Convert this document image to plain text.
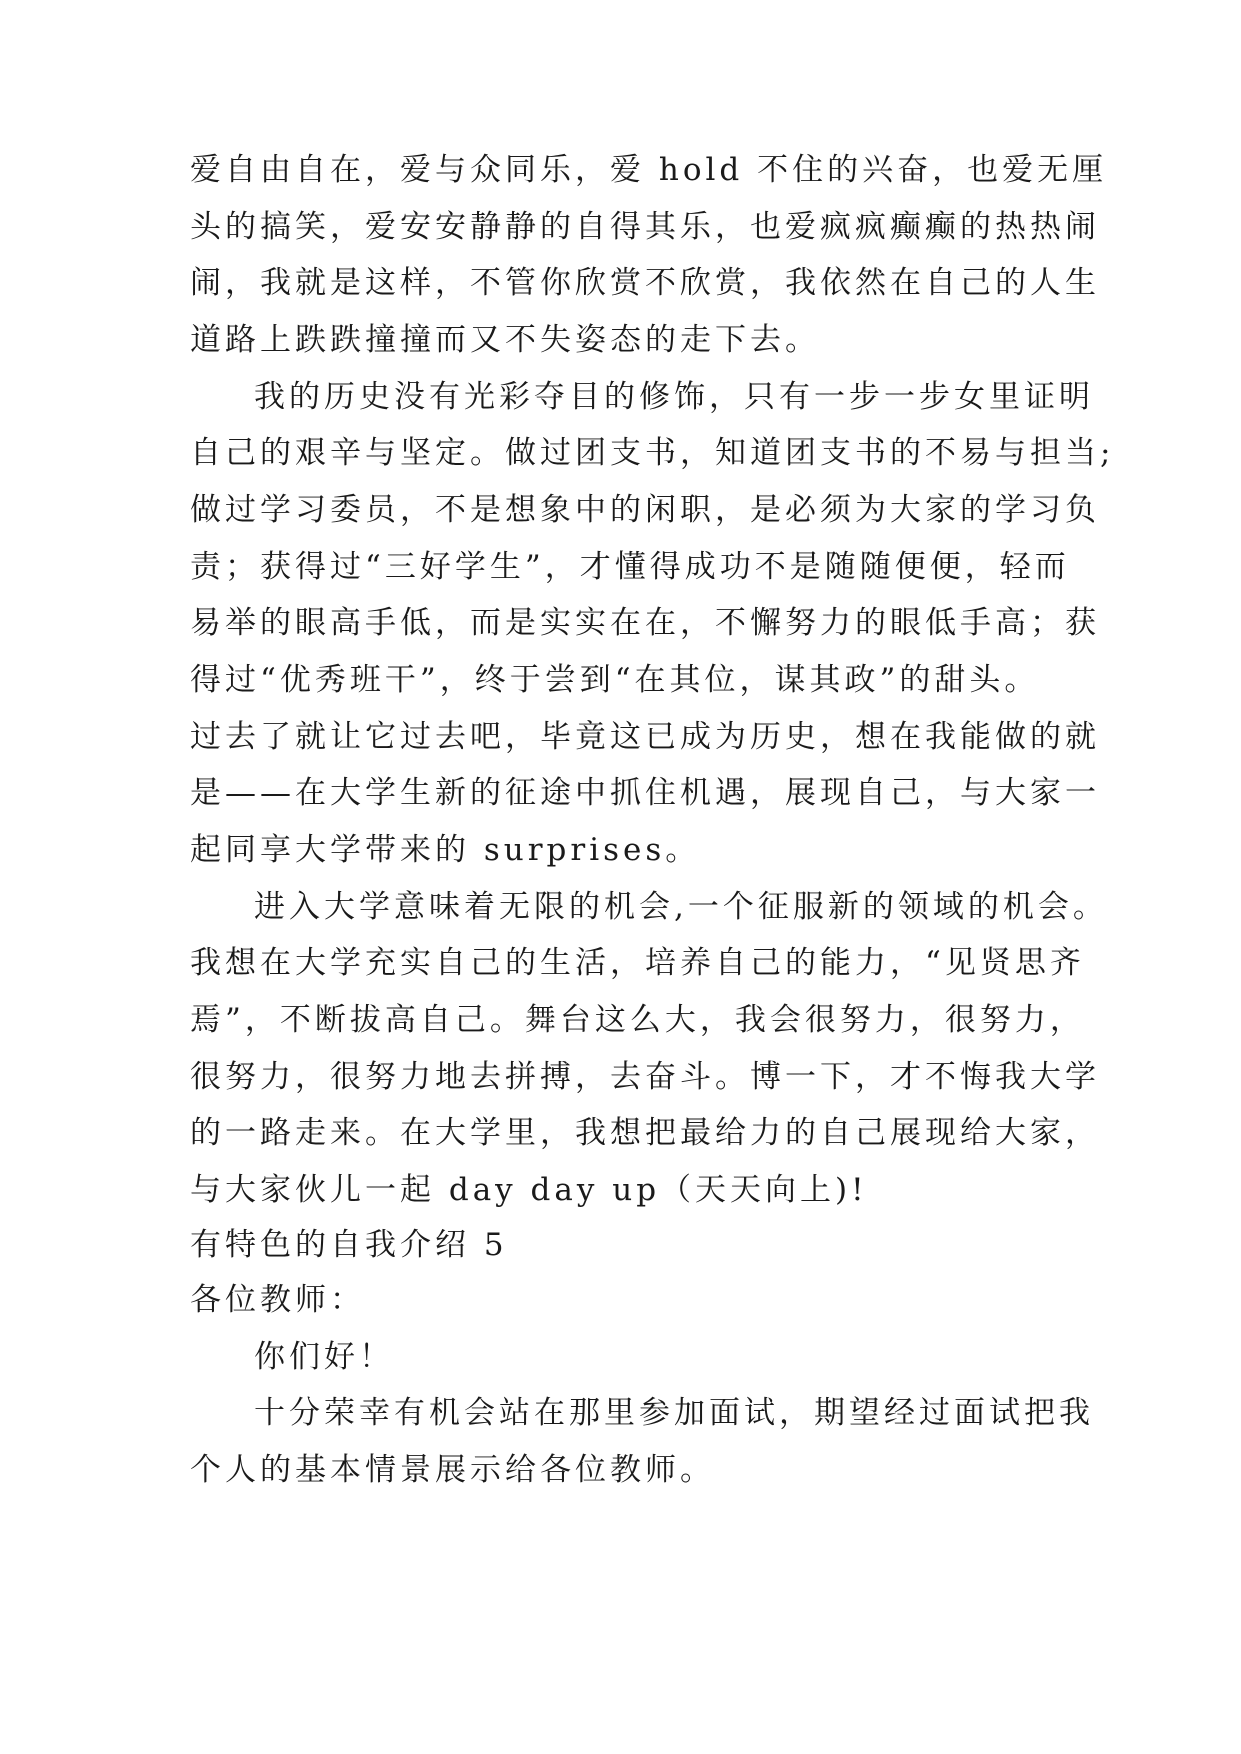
爱自由自在，爱与众同乐，爱 hold 不住的兴奋，也爱无厘

头的搞笑，爱安安静静的自得其乐，也爱疯疯癫癫的热热闹

闹，我就是这样，不管你欣赏不欣赏，我依然在自己的人生

道路上跌跌撞撞而又不失姿态的走下去。

我的历史没有光彩夺目的修饰，只有一步一步女里证明

自己的艰辛与坚定。做过团支书，知道团支书的不易与担当;

做过学习委员，不是想象中的闲职，是必须为大家的学习负

责；获得过“三好学生”，才懂得成功不是随随便便，轻而

易举的眼高手低，而是实实在在，不懈努力的眼低手高；获

得过“优秀班干”，终于尝到“在其位，谋其政”的甜头。

过去了就让它过去吧，毕竟这已成为历史，想在我能做的就

是——在大学生新的征途中抓住机遇，展现自己，与大家一

起同享大学带来的 surprises。

进入大学意味着无限的机会,一个征服新的领域的机会。

我想在大学充实自己的生活，培养自己的能力，“见贤思齐

焉”，不断拔高自己。舞台这么大，我会很努力，很努力，

很努力，很努力地去拼搏，去奋斗。博一下，才不悔我大学

的一路走来。在大学里，我想把最给力的自己展现给大家，

与大家伙儿一起 day day up（天天向上)!

有特色的自我介绍 5

各位教师：

你们好！

十分荣幸有机会站在那里参加面试，期望经过面试把我

个人的基本情景展示给各位教师。
